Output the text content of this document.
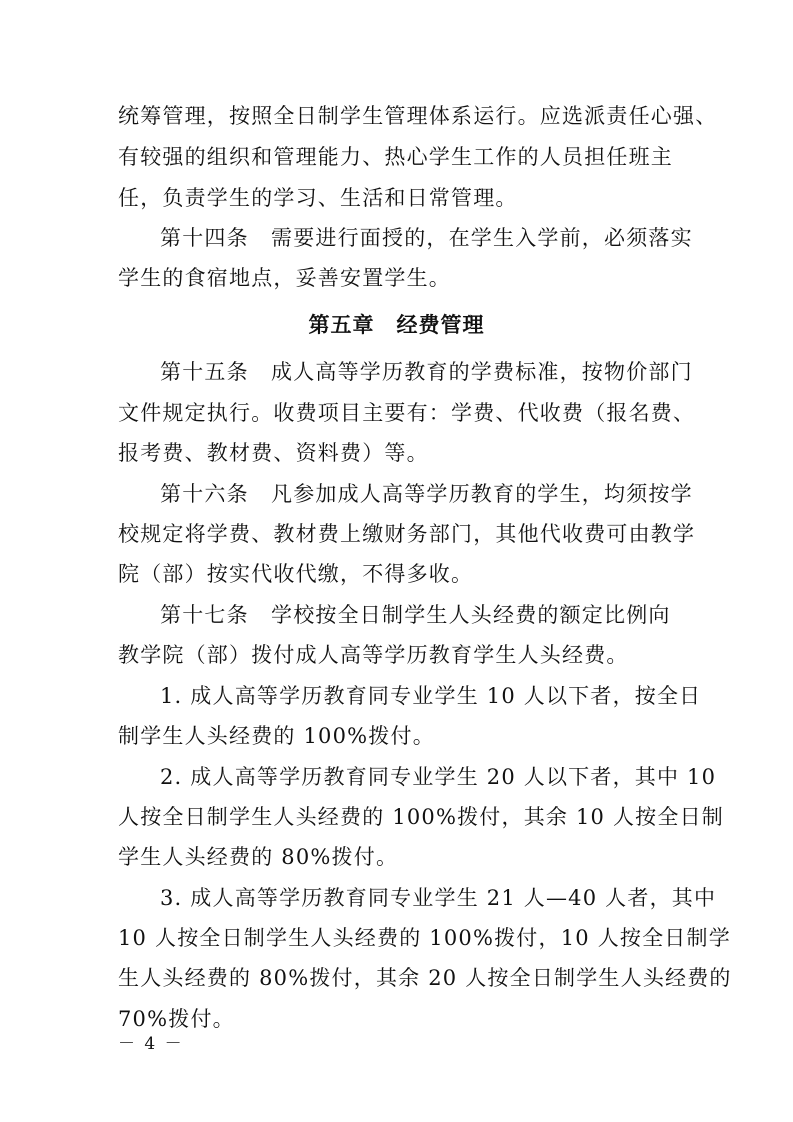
统筹管理，按照全日制学生管理体系运行。应选派责任心强、
有较强的组织和管理能力、热心学生工作的人员担任班主
任，负责学生的学习、生活和日常管理。
第十四条　需要进行面授的，在学生入学前，必须落实
学生的食宿地点，妥善安置学生。
第五章　经费管理
第十五条　成人高等学历教育的学费标准，按物价部门
文件规定执行。收费项目主要有：学费、代收费（报名费、
报考费、教材费、资料费）等。
第十六条　凡参加成人高等学历教育的学生，均须按学
校规定将学费、教材费上缴财务部门，其他代收费可由教学
院（部）按实代收代缴，不得多收。
第十七条　学校按全日制学生人头经费的额定比例向
教学院（部）拨付成人高等学历教育学生人头经费。
1. 成人高等学历教育同专业学生 10 人以下者，按全日
制学生人头经费的 100%拨付。
2. 成人高等学历教育同专业学生 20 人以下者，其中 10
人按全日制学生人头经费的 100%拨付，其余 10 人按全日制
学生人头经费的 80%拨付。
3. 成人高等学历教育同专业学生 21 人—40 人者，其中
10 人按全日制学生人头经费的 100%拨付，10 人按全日制学
生人头经费的 80%拨付，其余 20 人按全日制学生人头经费的
70%拨付。
－ 4 －
